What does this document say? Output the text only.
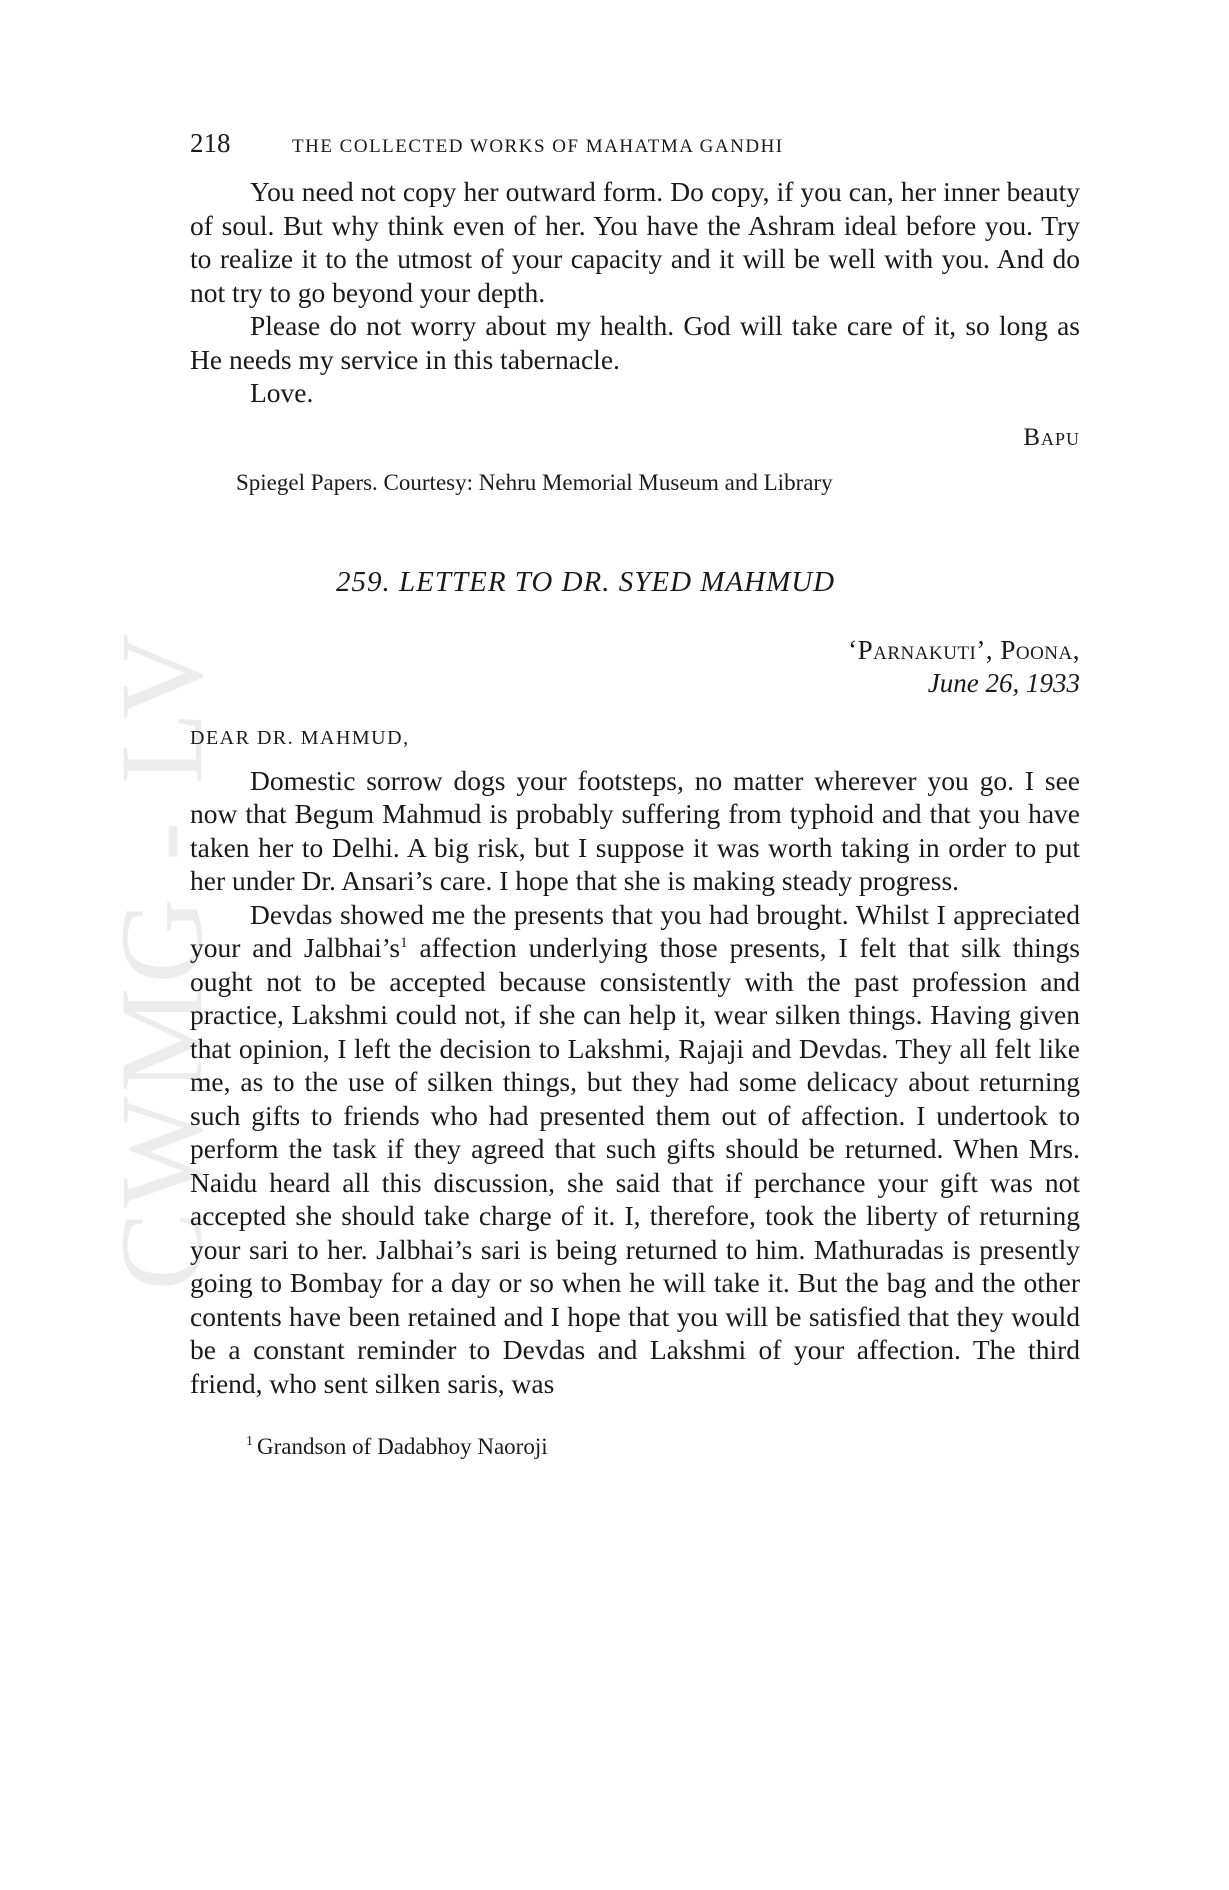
CWMG - LV
218	THE COLLECTED WORKS OF MAHATMA GANDHI

You need not copy her outward form. Do copy, if you can, her inner beauty of soul. But why think even of her. You have the Ashram ideal before you. Try to realize it to the utmost of your capacity and it will be well with you. And do not try to go beyond your depth.

Please do not worry about my health. God will take care of it, so long as He needs my service in this tabernacle.

Love.

Bapu
Spiegel Papers. Courtesy: Nehru Memorial Museum and Library
259. LETTER TO DR. SYED MAHMUD
‘Parnakuti’, Poona,
June 26, 1933
DEAR DR. MAHMUD,

Domestic sorrow dogs your footsteps, no matter wherever you go. I see now that Begum Mahmud is probably suffering from typhoid and that you have taken her to Delhi. A big risk, but I suppose it was worth taking in order to put her under Dr. Ansari’s care. I hope that she is making steady progress.

Devdas showed me the presents that you had brought. Whilst I appreciated your and $Jalbhai’s^1$ affection underlying those presents, I felt that silk things ought not to be accepted because consistently with the past profession and practice, Lakshmi could not, if she can help it, wear silken things. Having given that opinion, I left the decision to Lakshmi, Rajaji and Devdas. They all felt like me, as to the use of silken things, but they had some delicacy about returning such gifts to friends who had presented them out of affection. I undertook to perform the task if they agreed that such gifts should be returned. When Mrs. Naidu heard all this discussion, she said that if perchance your gift was not accepted she should take charge of it. I, therefore, took the liberty of returning your sari to her. Jalbhai’s sari is being returned to him. Mathuradas is presently going to Bombay for a day or so when he will take it. But the bag and the other contents have been retained and I hope that you will be satisfied that they would be a constant reminder to Devdas and Lakshmi of your affection. The third friend, who sent silken saris, was

$^1$ Grandson of Dadabhoy Naoroji
